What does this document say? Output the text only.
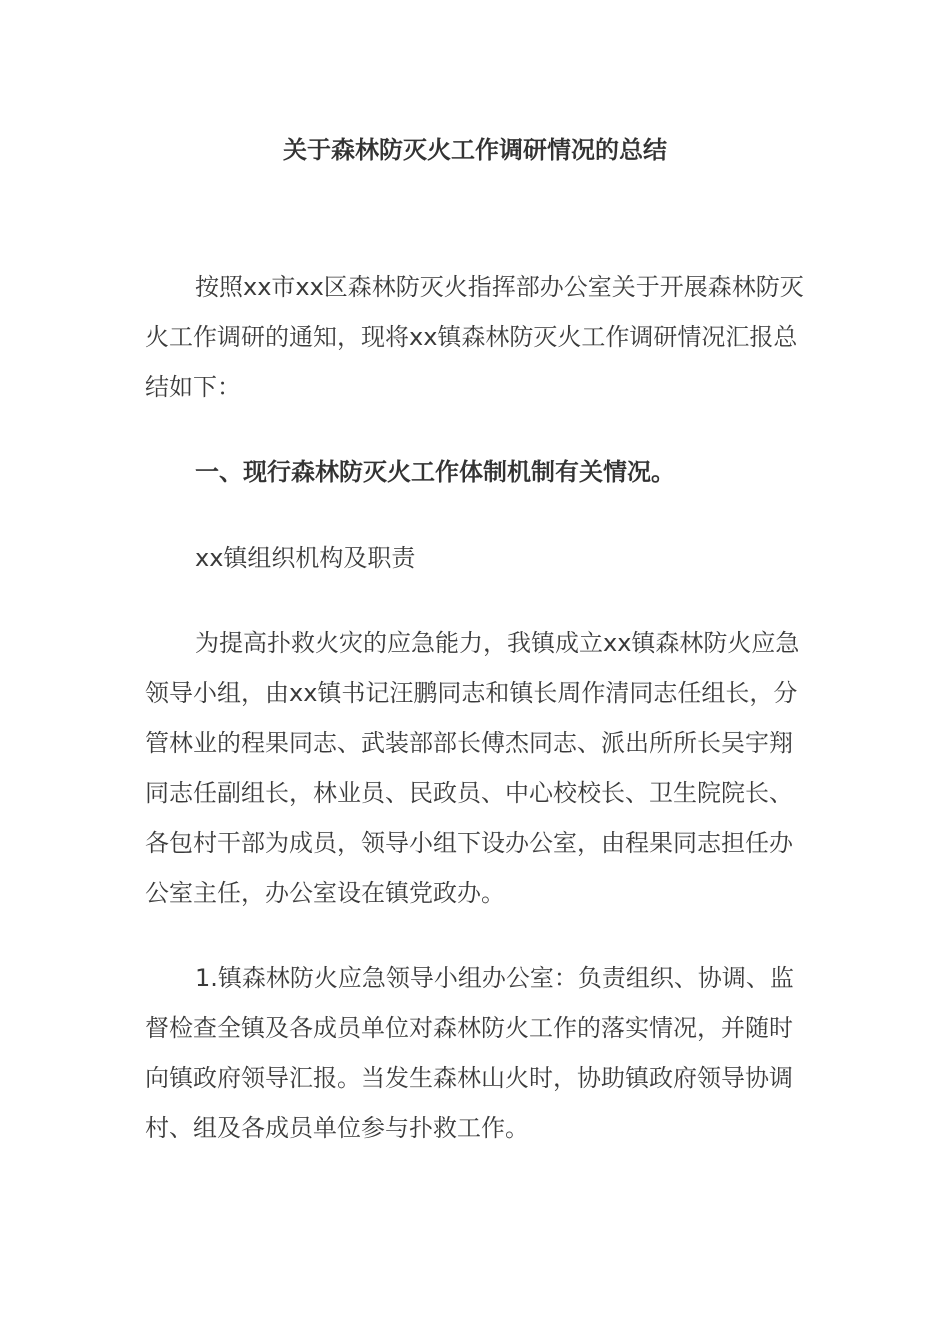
关于森林防灭火工作调研情况的总结

按照xx市xx区森林防灭火指挥部办公室关于开展森林防灭火工作调研的通知，现将xx镇森林防灭火工作调研情况汇报总结如下：

一、现行森林防灭火工作体制机制有关情况。

xx镇组织机构及职责

为提高扑救火灾的应急能力，我镇成立xx镇森林防火应急领导小组，由xx镇书记汪鹏同志和镇长周作清同志任组长，分管林业的程果同志、武装部部长傅杰同志、派出所所长吴宇翔同志任副组长，林业员、民政员、中心校校长、卫生院院长、各包村干部为成员，领导小组下设办公室，由程果同志担任办公室主任，办公室设在镇党政办。

1.镇森林防火应急领导小组办公室：负责组织、协调、监督检查全镇及各成员单位对森林防火工作的落实情况，并随时向镇政府领导汇报。当发生森林山火时，协助镇政府领导协调村、组及各成员单位参与扑救工作。
